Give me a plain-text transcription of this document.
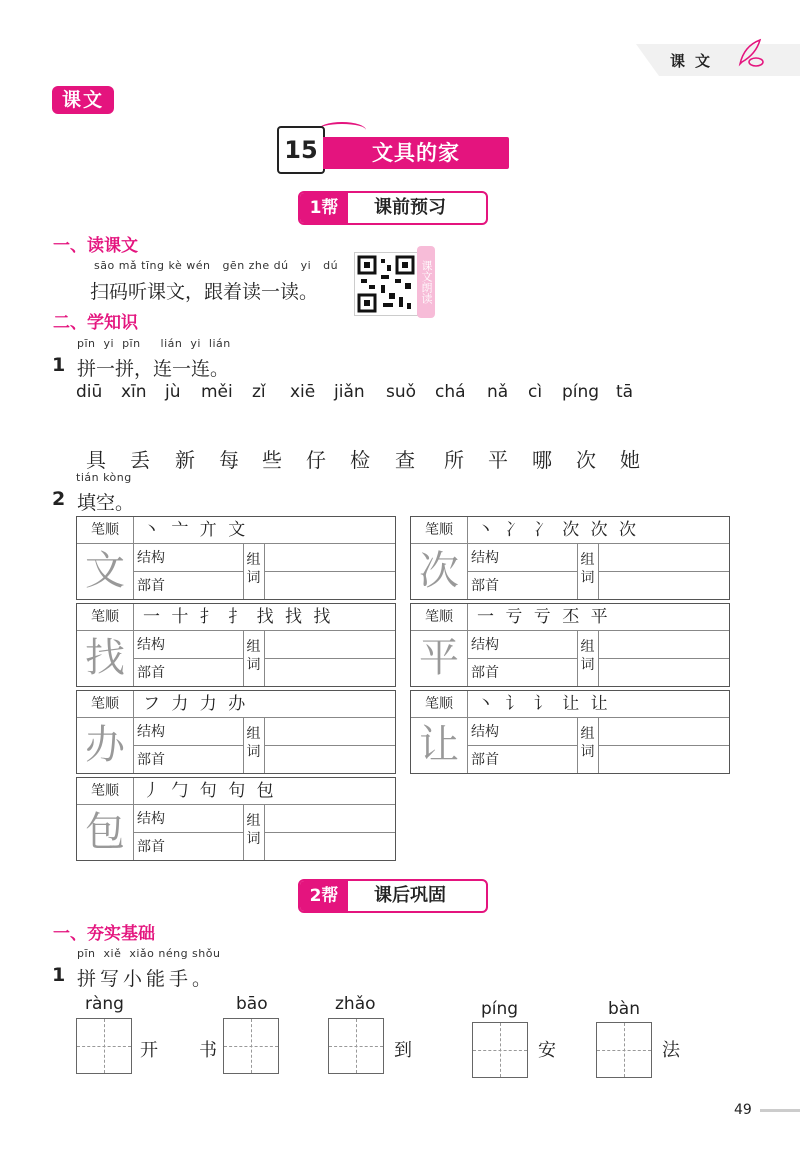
课文
课文
15	文具的家
1帮	课前预习
一、读课文
sāo mǎ tīng kè wén   gēn zhe dú   yi   dú
扫码听课文，跟着读一读。	课文朗读
二、学知识
pīn  yi  pīn     lián  yi  lián
1 拼一拼，连一连。
diū xīn jù měi zǐ xiē jiǎn suǒ chá nǎ cì píng tā
具 丢 新 每 些 仔 检 查 所 平 哪 次 她
tián kòng
2 填空。
笔顺	丶 亠 亣 文
文 结构
部首
组词
笔顺	丶 冫 冫 次 次 次
次 结构
部首
组词
笔顺	一 十 扌 扌 找 找 找
找 结构
部首
组词
笔顺	一 亏 亏 丕 平
平 结构
部首
组词
笔顺	フ 力 力 办
办 结构
部首
组词
笔顺	丶 讠 讠 让 让
让 结构
部首
组词
笔顺	丿 勹 句 句 包
包 结构
部首
组词
2帮	课后巩固
一、夯实基础
pīn  xiě  xiǎo néng shǒu
1 拼写小能手。
ràng
开
bāo
书
zhǎo
到
píng
安
bàn
法
49
